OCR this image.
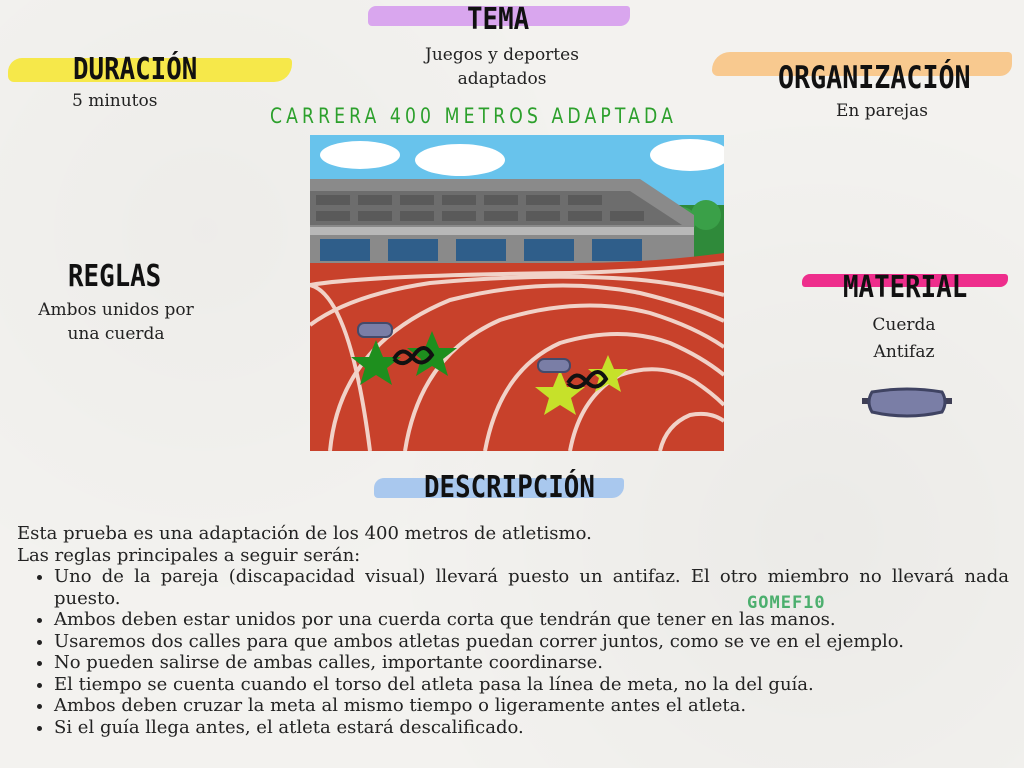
TEMA
Juegos y deportes adaptados
DURACIÓN
5 minutos
ORGANIZACIÓN
En parejas
CARRERA 400 METROS ADAPTADA
REGLAS
Ambos unidos por una cuerda
MATERIAL
Cuerda
Antifaz
DESCRIPCIÓN

Esta prueba es una adaptación de los 400 metros de atletismo.

Las reglas principales a seguir serán:

• Uno de la pareja (discapacidad visual) llevará puesto un antifaz. El otro miembro no llevará nada puesto.
• Ambos deben estar unidos por una cuerda corta que tendrán que tener en las manos.
• Usaremos dos calles para que ambos atletas puedan correr juntos, como se ve en el ejemplo.
• No pueden salirse de ambas calles, importante coordinarse.
• El tiempo se cuenta cuando el torso del atleta pasa la línea de meta, no la del guía.
• Ambos deben cruzar la meta al mismo tiempo o ligeramente antes el atleta.
• Si el guía llega antes, el atleta estará descalificado.
GOMEF10
